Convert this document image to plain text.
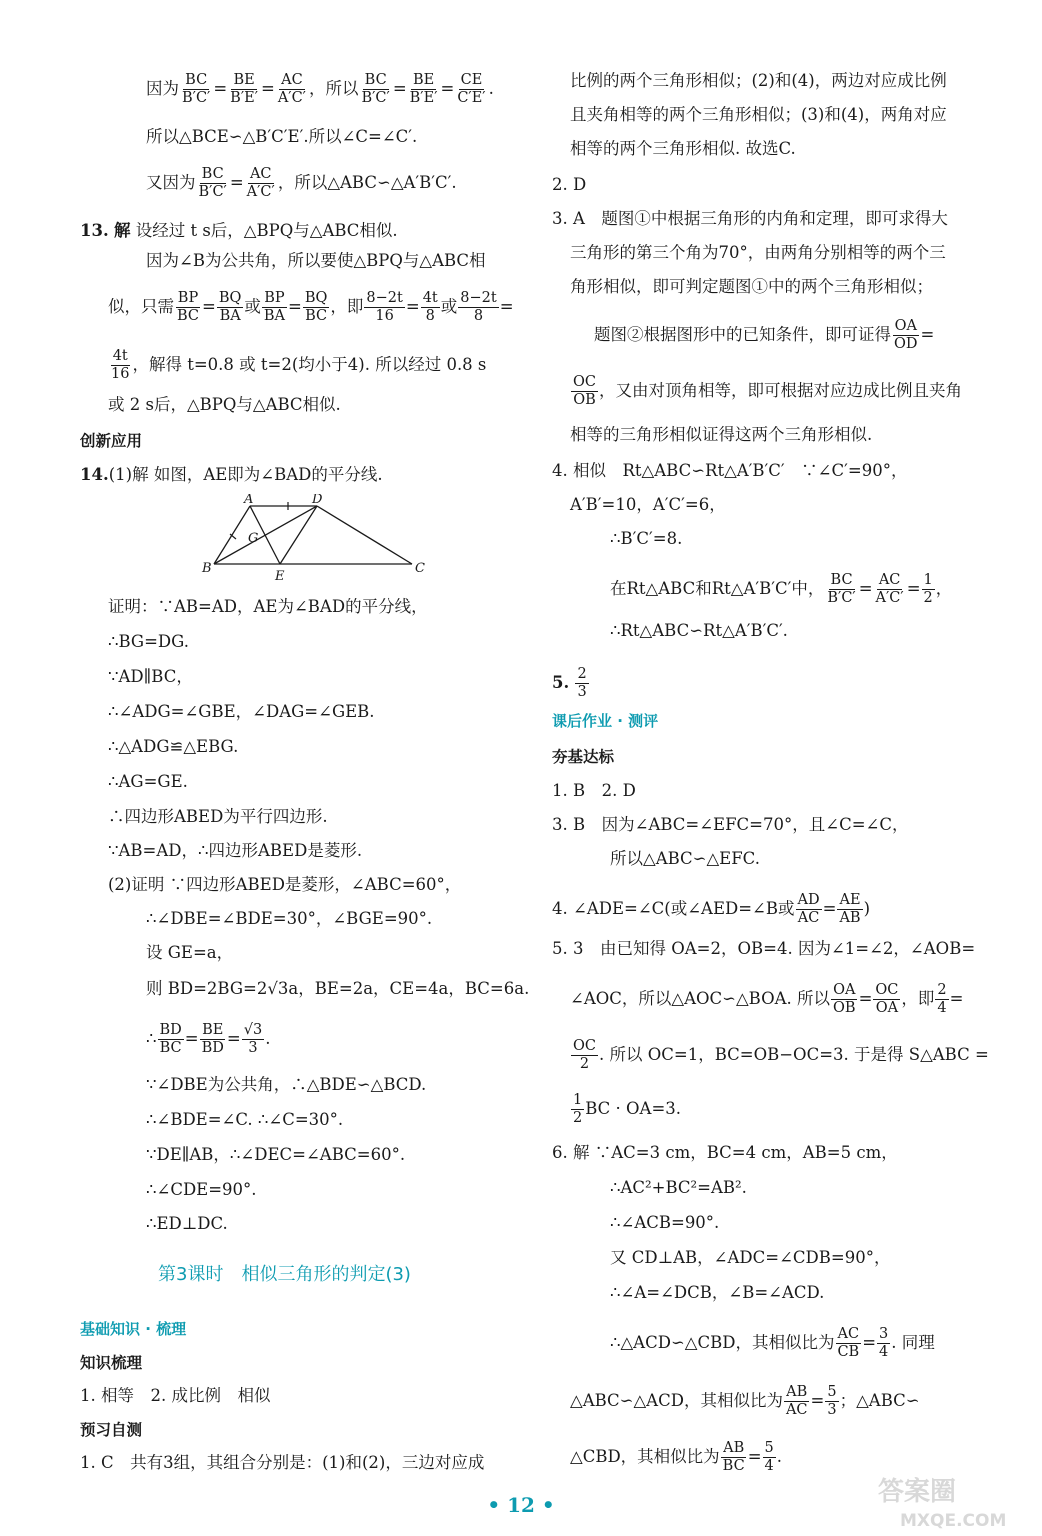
因为 $\frac{BC}{B'C'} = \frac{BE}{B'E'} = \frac{AC}{A'C'}$ ，所以 $\frac{BC}{B'C'} = \frac{BE}{B'E'} = \frac{CE}{C'E'}$ .
所以△BCE∽△B′C′E′.所以∠C=∠C′.
又因为 $\frac{BC}{B'C'} = \frac{AC}{A'C'}$ ，所以△ABC∽△A′B′C′.
13. 解 设经过 t s后，△BPQ与△ABC相似.
因为∠B为公共角，所以要使△BPQ与△ABC相
似，只需 $\frac{BP}{BC} = \frac{BQ}{BA}$ 或 $\frac{BP}{BA} = \frac{BQ}{BC}$ ，即 $\frac{8-2t}{16} = \frac{4t}{8}$ 或 $\frac{8-2t}{8}$ =
$\frac{4t}{16}$ ，解得 t=0.8 或 t=2(均小于4). 所以经过 0.8 s
或 2 s后，△BPQ与△ABC相似.
创新应用
14.(1)解 如图，AE即为∠BAD的平分线.
A	D
G
B
E
C
证明：∵AB=AD，AE为∠BAD的平分线，
∴BG=DG.
∵AD∥BC，
∴∠ADG=∠GBE，∠DAG=∠GEB.
∴△ADG≌△EBG.
∴AG=GE.
∴四边形ABED为平行四边形.
∵AB=AD，∴四边形ABED是菱形.
(2)证明 ∵四边形ABED是菱形，∠ABC=60°，
∴∠DBE=∠BDE=30°，∠BGE=90°.
设 GE=a，
则 BD=2BG=2√3a，BE=2a，CE=4a，BC=6a.
∴ $\frac{BD}{BC} = \frac{BE}{BD} = \frac{√3}{3}$ .
∵∠DBE为公共角，∴△BDE∽△BCD.
∴∠BDE=∠C. ∴∠C=30°.
∵DE∥AB，∴∠DEC=∠ABC=60°.
∴∠CDE=90°.
∴ED⊥DC.
第3课时　相似三角形的判定(3)
基础知识 · 梳理
知识梳理
1. 相等　2. 成比例　相似
预习自测
1. C　共有3组，其组合分别是：(1)和(2)，三边对应成
比例的两个三角形相似；(2)和(4)，两边对应成比例
且夹角相等的两个三角形相似；(3)和(4)，两角对应
相等的两个三角形相似. 故选C.
2. D
3. A　题图①中根据三角形的内角和定理，即可求得大
三角形的第三个角为70°，由两角分别相等的两个三
角形相似，即可判定题图①中的两个三角形相似；
题图②根据图形中的已知条件，即可证得 $\frac{OA}{OD}$ =
$\frac{OC}{OB}$ ，又由对顶角相等，即可根据对应边成比例且夹角
相等的三角形相似证得这两个三角形相似.
4. 相似　Rt△ABC∽Rt△A′B′C′　∵∠C′=90°，
A′B′=10，A′C′=6，
∴B′C′=8.
在Rt△ABC和Rt△A′B′C′中， $\frac{BC}{B'C'} = \frac{AC}{A'C'} = \frac{1}{2}$ ，
∴Rt△ABC∽Rt△A′B′C′.
5. $\frac{2}{3}$
课后作业 · 测评
夯基达标
1. B　2. D
3. B　因为∠ABC=∠EFC=70°，且∠C=∠C，
所以△ABC∽△EFC.
4. ∠ADE=∠C(或∠AED=∠B或 $\frac{AD}{AC} = \frac{AE}{AB}$ )
5. 3　由已知得 OA=2，OB=4. 因为∠1=∠2，∠AOB=
∠AOC，所以△AOC∽△BOA. 所以 $\frac{OA}{OB} = \frac{OC}{OA}$ ，即 $\frac{2}{4}$ =
$\frac{OC}{2}$ . 所以 OC=1，BC=OB−OC=3. 于是得 S△ABC =
$\frac{1}{2}$ BC · OA=3.
6. 解 ∵AC=3 cm，BC=4 cm，AB=5 cm，
∴AC²+BC²=AB².
∴∠ACB=90°.
又 CD⊥AB，∠ADC=∠CDB=90°，
∴∠A=∠DCB，∠B=∠ACD.
∴△ACD∽△CBD，其相似比为 $\frac{AC}{CB} = \frac{3}{4}$ . 同理
△ABC∽△ACD，其相似比为 $\frac{AB}{AC} = \frac{5}{3}$ ；△ABC∽
△CBD，其相似比为 $\frac{AB}{BC} = \frac{5}{4}$ .
• 12 •	答案圈
MXQE.COM
